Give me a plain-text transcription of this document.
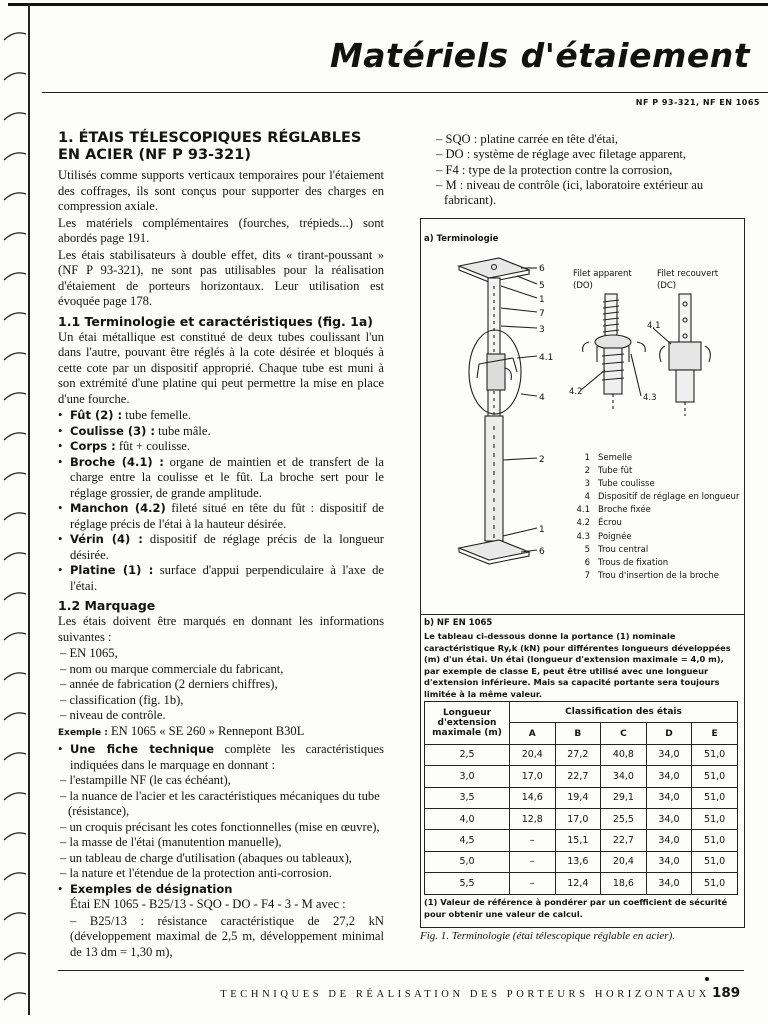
Matériels d'étaiement
NF P 93-321, NF EN 1065
1. ÉTAIS TÉLESCOPIQUES RÉGLABLES
EN ACIER (NF P 93-321)

Utilisés comme supports verticaux temporaires pour l'étaiement des coffrages, ils sont conçus pour supporter des charges en compression axiale.

Les matériels complémentaires (fourches, trépieds...) sont abordés page 191.

Les étais stabilisateurs à double effet, dits « tirant-poussant » (NF P 93-321), ne sont pas utilisables pour la réalisation d'étaiement de porteurs horizontaux. Leur utilisation est évoquée page 178.

1.1 Terminologie et caractéristiques (fig. 1a)

Un étai métallique est constitué de deux tubes coulissant l'un dans l'autre, pouvant être réglés à la cote désirée et bloqués à cette cote par un dispositif approprié. Chaque tube est muni à son extrémité d'une platine qui peut permettre la mise en place d'une fourche.

• Fût (2) : tube femelle.
• Coulisse (3) : tube mâle.
• Corps : fût + coulisse.
• Broche (4.1) : organe de maintien et de transfert de la charge entre la coulisse et le fût. La broche sert pour le réglage grossier, de grande amplitude.
• Manchon (4.2) fileté situé en tête du fût : dispositif de réglage précis de l'étai à la hauteur désirée.
• Vérin (4) : dispositif de réglage précis de la longueur désirée.
• Platine (1) : surface d'appui perpendiculaire à l'axe de l'étai.
1.2 Marquage

Les étais doivent être marqués en donnant les informations suivantes :

– EN 1065,
– nom ou marque commerciale du fabricant,
– année de fabrication (2 derniers chiffres),
– classification (fig. 1b),
– niveau de contrôle.

Exemple : EN 1065 « SE 260 » Rennepont B30L

• Une fiche technique complète les caractéristiques indiquées dans le marquage en donnant :
– l'estampille NF (le cas échéant),
– la nuance de l'acier et les caractéristiques mécaniques du tube (résistance),
– un croquis précisant les cotes fonctionnelles (mise en œuvre),
– la masse de l'étai (manutention manuelle),
– un tableau de charge d'utilisation (abaques ou tableaux),
– la nature et l'étendue de la protection anti-corrosion.
• Exemples de désignation

Étai EN 1065 - B25/13 - SQO - DO - F4 - 3 - M avec :

– B25/13 : résistance caractéristique de 27,2 kN (développement maximal de 2,5 m, développement minimal de 13 dm = 1,30 m),

– SQO : platine carrée en tête d'étai,
– DO : système de réglage avec filetage apparent,
– F4 : type de la protection contre la corrosion,
– M : niveau de contrôle (ici, laboratoire extérieur au fabricant).
a) Terminologie
6
5
1
7
3
4.1
4
2
1
6
Filet apparent
(DO)
Filet recouvert
(DC)
4.1
4.2
4.3
1 Semelle
2 Tube fût
3 Tube coulisse
4 Dispositif de réglage en longueur
4.1 Broche fixée
4.2 Écrou
4.3 Poignée
5 Trou central
6 Trous de fixation
7 Trou d'insertion de la broche
b) NF EN 1065
Le tableau ci-dessous donne la portance (1) nominale caractéristique Ry,k (kN) pour différentes longueurs développées (m) d'un étai. Un étai (longueur d'extension maximale = 4,0 m), par exemple de classe E, peut être utilisé avec une longueur d'extension inférieure. Mais sa capacité portante sera toujours limitée à la même valeur.
Longueur d'extension maximale (m)	Classification des étais				
	A	B	C	D	E
2,5	20,4	27,2	40,8	34,0	51,0
3,0	17,0	22,7	34,0	34,0	51,0
3,5	14,6	19,4	29,1	34,0	51,0
4,0	12,8	17,0	25,5	34,0	51,0
4,5	–	15,1	22,7	34,0	51,0
5,0	–	13,6	20,4	34,0	51,0
5,5	–	12,4	18,6	34,0	51,0
(1) Valeur de référence à pondérer par un coefficient de sécurité pour obtenir une valeur de calcul.
Fig. 1. Terminologie (étai télescopique réglable en acier).
TECHNIQUES DE RÉALISATION DES PORTEURS HORIZONTAUX 189
